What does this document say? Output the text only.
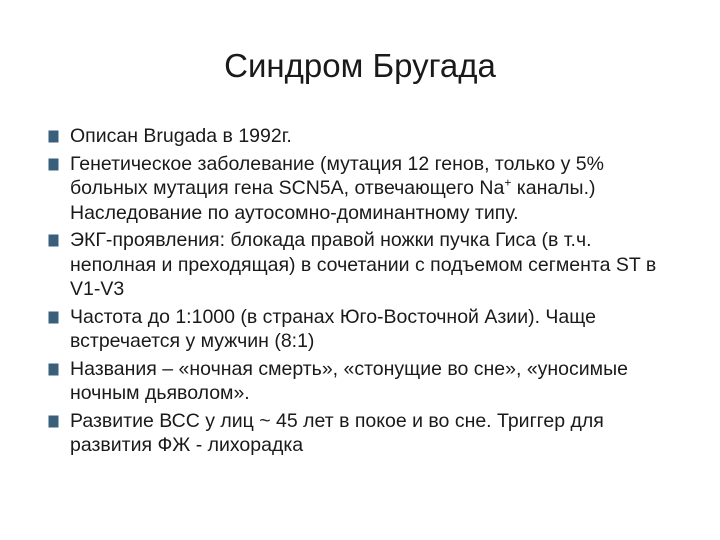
Синдром Бругада
Описан Brugada в 1992г.
Генетическое заболевание (мутация 12 генов, только у 5% больных мутация гена SCN5A, отвечающего Na+ каналы.) Наследование по аутосомно-доминантному типу.
ЭКГ-проявления: блокада правой ножки пучка Гиса (в т.ч. неполная и преходящая) в сочетании с подъемом сегмента ST в V1-V3
Частота до 1:1000 (в странах Юго-Восточной Азии). Чаще встречается у мужчин (8:1)
Названия – «ночная смерть», «стонущие во сне», «уносимые ночным дьяволом».
Развитие ВСС у лиц ~ 45 лет в покое и во сне. Триггер для развития ФЖ - лихорадка
